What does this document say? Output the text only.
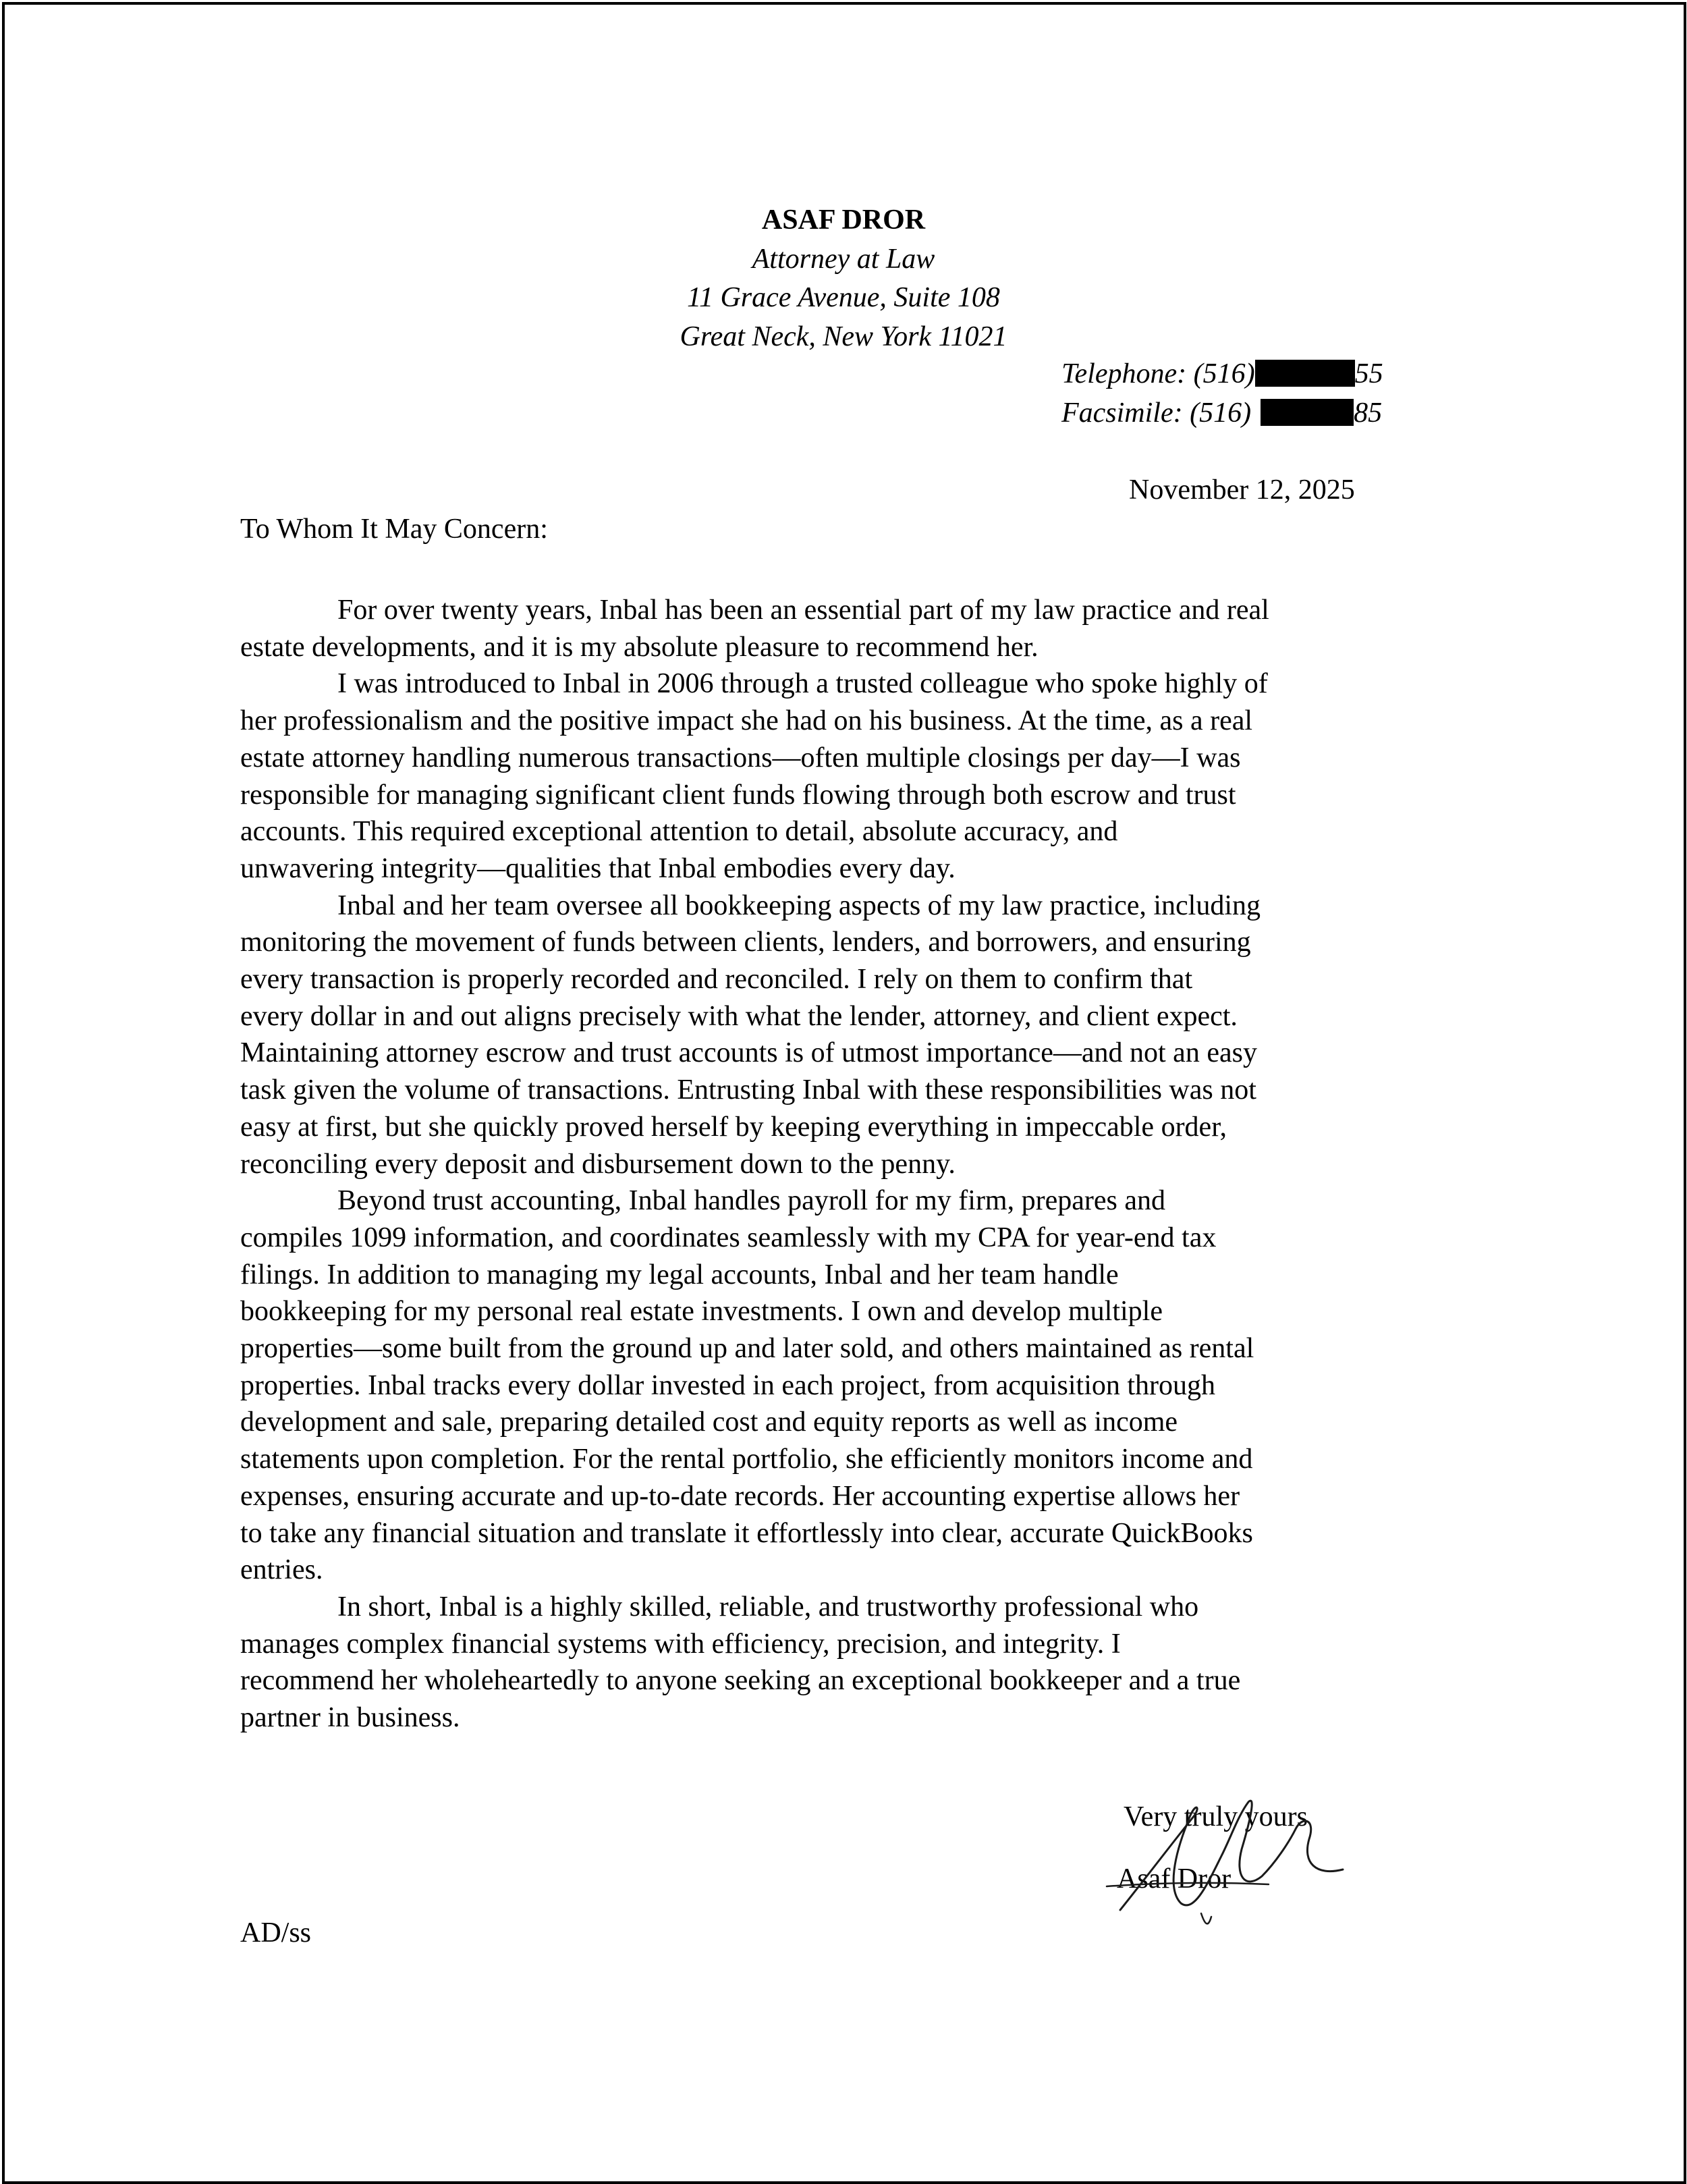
ASAF DROR
Attorney at Law
11 Grace Avenue, Suite 108
Great Neck, New York 11021
Telephone: (516)	55
Facsimile: (516)	85
November 12, 2025
To Whom It May Concern:

For over twenty years, Inbal has been an essential part of my law practice and real
estate developments, and it is my absolute pleasure to recommend her.

I was introduced to Inbal in 2006 through a trusted colleague who spoke highly of
her professionalism and the positive impact she had on his business. At the time, as a real
estate attorney handling numerous transactions—often multiple closings per day—I was
responsible for managing significant client funds flowing through both escrow and trust
accounts. This required exceptional attention to detail, absolute accuracy, and
unwavering integrity—qualities that Inbal embodies every day.

Inbal and her team oversee all bookkeeping aspects of my law practice, including
monitoring the movement of funds between clients, lenders, and borrowers, and ensuring
every transaction is properly recorded and reconciled. I rely on them to confirm that
every dollar in and out aligns precisely with what the lender, attorney, and client expect.
Maintaining attorney escrow and trust accounts is of utmost importance—and not an easy
task given the volume of transactions. Entrusting Inbal with these responsibilities was not
easy at first, but she quickly proved herself by keeping everything in impeccable order,
reconciling every deposit and disbursement down to the penny.

Beyond trust accounting, Inbal handles payroll for my firm, prepares and
compiles 1099 information, and coordinates seamlessly with my CPA for year-end tax
filings. In addition to managing my legal accounts, Inbal and her team handle
bookkeeping for my personal real estate investments. I own and develop multiple
properties—some built from the ground up and later sold, and others maintained as rental
properties. Inbal tracks every dollar invested in each project, from acquisition through
development and sale, preparing detailed cost and equity reports as well as income
statements upon completion. For the rental portfolio, she efficiently monitors income and
expenses, ensuring accurate and up-to-date records. Her accounting expertise allows her
to take any financial situation and translate it effortlessly into clear, accurate QuickBooks
entries.

In short, Inbal is a highly skilled, reliable, and trustworthy professional who
manages complex financial systems with efficiency, precision, and integrity. I
recommend her wholeheartedly to anyone seeking an exceptional bookkeeper and a true
partner in business.

Very truly yours
Asaf Dror
AD/ss
